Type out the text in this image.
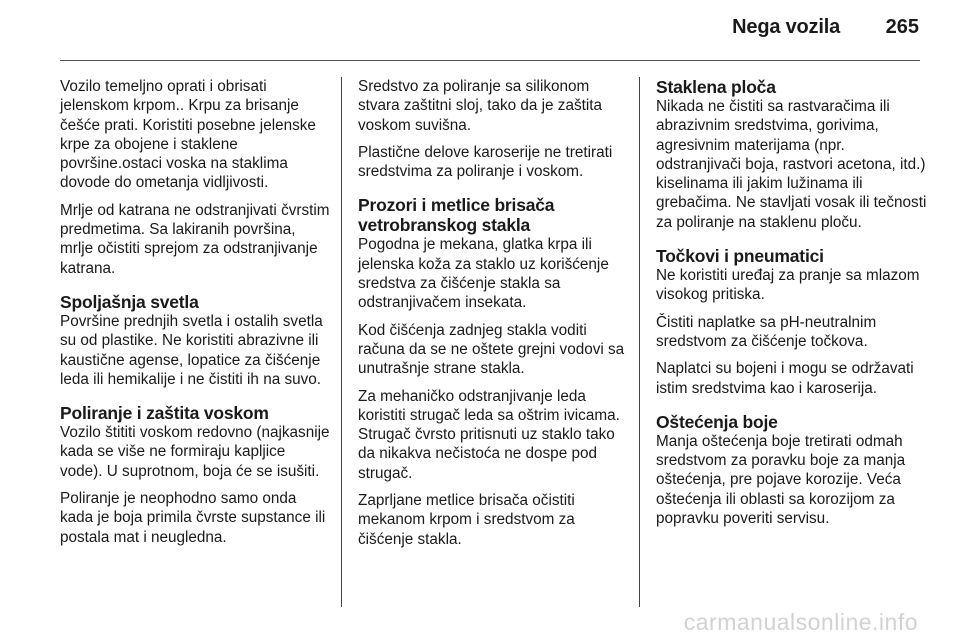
Nega vozila 265

Vozilo temeljno oprati i obrisati jelenskom krpom.. Krpu za brisanje češće prati. Koristiti posebne jelenske krpe za obojene i staklene površine.ostaci voska na staklima dovode do ometanja vidljivosti.

Mrlje od katrana ne odstranjivati čvrstim predmetima. Sa lakiranih površina, mrlje očistiti sprejom za odstranjivanje katrana.

Spoljašnja svetla

Površine prednjih svetla i ostalih svetla su od plastike. Ne koristiti abrazivne ili kaustične agense, lopatice za čišćenje leda ili hemikalije i ne čistiti ih na suvo.

Poliranje i zaštita voskom

Vozilo štititi voskom redovno (najkasnije kada se više ne formiraju kapljice vode). U suprotnom, boja će se isušiti.

Poliranje je neophodno samo onda kada je boja primila čvrste supstance ili postala mat i neugledna.

Sredstvo za poliranje sa silikonom stvara zaštitni sloj, tako da je zaštita voskom suvišna.

Plastične delove karoserije ne tretirati sredstvima za poliranje i voskom.

Prozori i metlice brisača vetrobranskog stakla

Pogodna je mekana, glatka krpa ili jelenska koža za staklo uz korišćenje sredstva za čišćenje stakla sa odstranjivačem insekata.

Kod čišćenja zadnjeg stakla voditi računa da se ne oštete grejni vodovi sa unutrašnje strane stakla.

Za mehaničko odstranjivanje leda koristiti strugač leda sa oštrim ivicama. Strugač čvrsto pritisnuti uz staklo tako da nikakva nečistoća ne dospe pod strugač.

Zaprljane metlice brisača očistiti mekanom krpom i sredstvom za čišćenje stakla.

Staklena ploča

Nikada ne čistiti sa rastvaračima ili abrazivnim sredstvima, gorivima, agresivnim materijama (npr. odstranjivači boja, rastvori acetona, itd.) kiselinama ili jakim lužinama ili grebačima. Ne stavljati vosak ili tečnosti za poliranje na staklenu ploču.

Točkovi i pneumatici

Ne koristiti uređaj za pranje sa mlazom visokog pritiska.

Čistiti naplatke sa pH-neutralnim sredstvom za čišćenje točkova.

Naplatci su bojeni i mogu se održavati istim sredstvima kao i karoserija.

Oštećenja boje

Manja oštećenja boje tretirati odmah sredstvom za poravku boje za manja oštećenja, pre pojave korozije. Veća oštećenja ili oblasti sa korozijom za popravku poveriti servisu.

carmanualsonline.info
